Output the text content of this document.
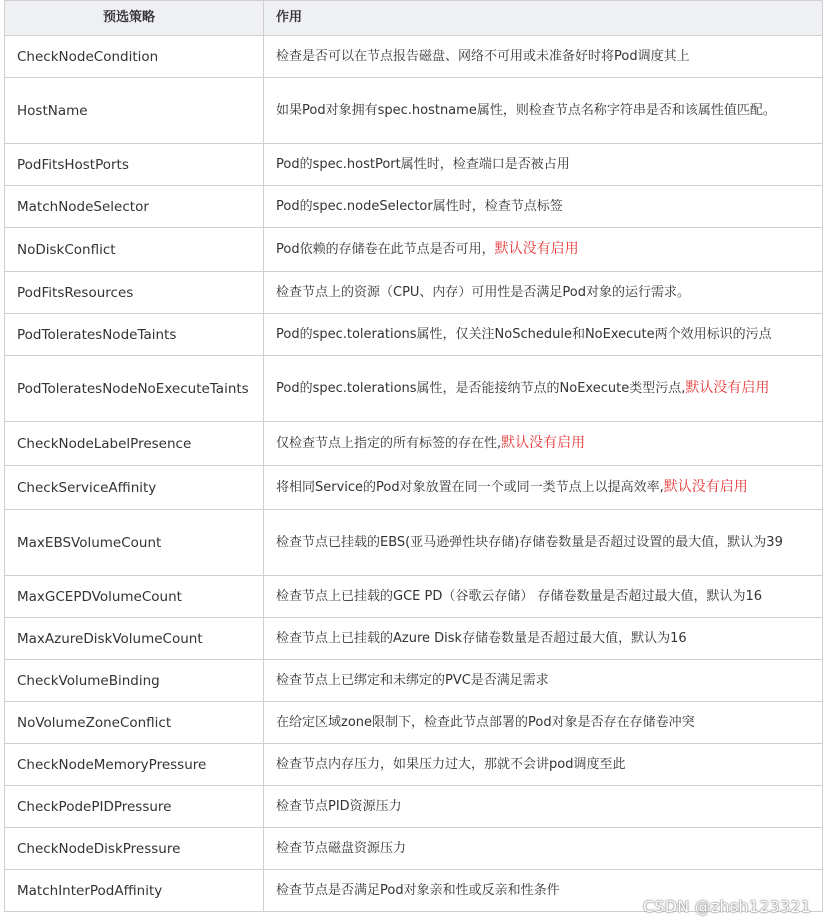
预选策略	作用
CheckNodeCondition	检查是否可以在节点报告磁盘、网络不可用或未准备好时将Pod调度其上
HostName	如果Pod对象拥有spec.hostname属性，则检查节点名称字符串是否和该属性值匹配。
PodFitsHostPorts	Pod的spec.hostPort属性时，检查端口是否被占用
MatchNodeSelector	Pod的spec.nodeSelector属性时，检查节点标签
NoDiskConflict	Pod依赖的存储卷在此节点是否可用，默认没有启用
PodFitsResources	检查节点上的资源（CPU、内存）可用性是否满足Pod对象的运行需求。
PodToleratesNodeTaints	Pod的spec.tolerations属性，仅关注NoSchedule和NoExecute两个效用标识的污点
PodToleratesNodeNoExecuteTaints	Pod的spec.tolerations属性，是否能接纳节点的NoExecute类型污点,默认没有启用
CheckNodeLabelPresence	仅检查节点上指定的所有标签的存在性,默认没有启用
CheckServiceAffinity	将相同Service的Pod对象放置在同一个或同一类节点上以提高效率,默认没有启用
MaxEBSVolumeCount	检查节点已挂载的EBS(亚马逊弹性块存储)存储卷数量是否超过设置的最大值，默认为39
MaxGCEPDVolumeCount	检查节点上已挂载的GCE PD（谷歌云存储） 存储卷数量是否超过最大值，默认为16
MaxAzureDiskVolumeCount	检查节点上已挂载的Azure Disk存储卷数量是否超过最大值，默认为16
CheckVolumeBinding	检查节点上已绑定和未绑定的PVC是否满足需求
NoVolumeZoneConflict	在给定区域zone限制下，检查此节点部署的Pod对象是否存在存储卷冲突
CheckNodeMemoryPressure	检查节点内存压力，如果压力过大，那就不会讲pod调度至此
CheckPodePIDPressure	检查节点PID资源压力
CheckNodeDiskPressure	检查节点磁盘资源压力
MatchInterPodAffinity	检查节点是否满足Pod对象亲和性或反亲和性条件
CSDN @zhsh123321
